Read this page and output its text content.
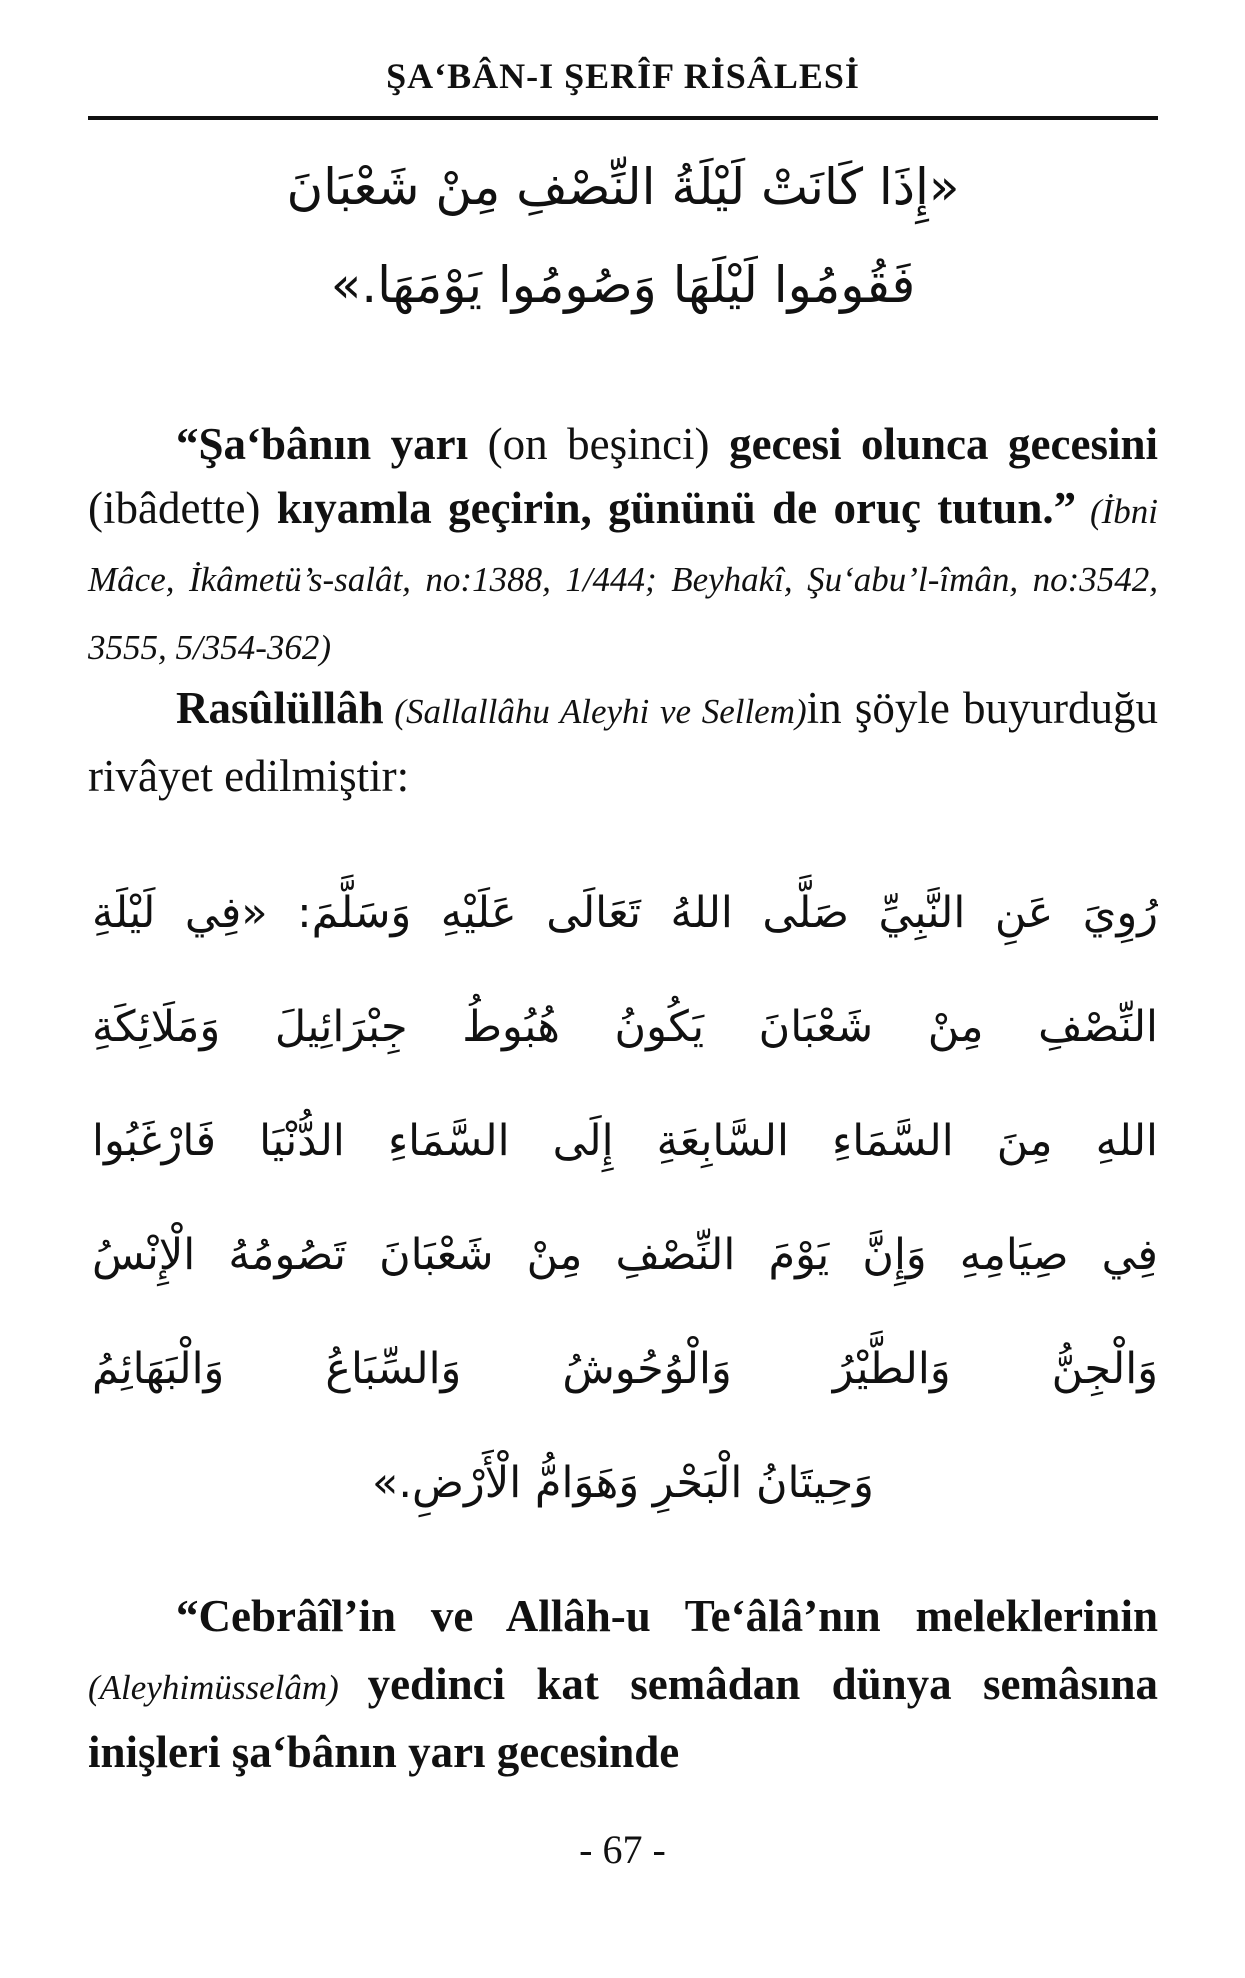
ŞA‘BÂN-I ŞERÎF RİSÂLESİ
«إِذَا كَانَتْ لَيْلَةُ النِّصْفِ مِنْ شَعْبَانَ
فَقُومُوا لَيْلَهَا وَصُومُوا يَوْمَهَا.»
“Şa‘bânın yarı (on beşinci) gecesi olunca gecesini (ibâdette) kıyamla geçirin, gününü de oruç tutun.” (İbni Mâce, İkâmetü’s-salât, no:1388, 1/444; Beyhakî, Şu‘abu’l-îmân, no:3542, 3555, 5/354-362)
Rasûlüllâh (Sallallâhu Aleyhi ve Sellem)in şöyle buyurduğu rivâyet edilmiştir:
رُوِيَ عَنِ النَّبِيِّ صَلَّى اللهُ تَعَالَى عَلَيْهِ وَسَلَّمَ: «فِي لَيْلَةِ
النِّصْفِ مِنْ شَعْبَانَ يَكُونُ هُبُوطُ جِبْرَائِيلَ وَمَلَائِكَةِ
اللهِ مِنَ السَّمَاءِ السَّابِعَةِ إِلَى السَّمَاءِ الدُّنْيَا فَارْغَبُوا
فِي صِيَامِهِ وَإِنَّ يَوْمَ النِّصْفِ مِنْ شَعْبَانَ تَصُومُهُ الْإِنْسُ
وَالْجِنُّ وَالطَّيْرُ وَالْوُحُوشُ وَالسِّبَاعُ وَالْبَهَائِمُ
وَحِيتَانُ الْبَحْرِ وَهَوَامُّ الْأَرْضِ.»
“Cebrâîl’in ve Allâh-u Te‘âlâ’nın meleklerinin (Aleyhimüsselâm) yedinci kat semâdan dünya semâsına inişleri şa‘bânın yarı gecesinde
- 67 -
